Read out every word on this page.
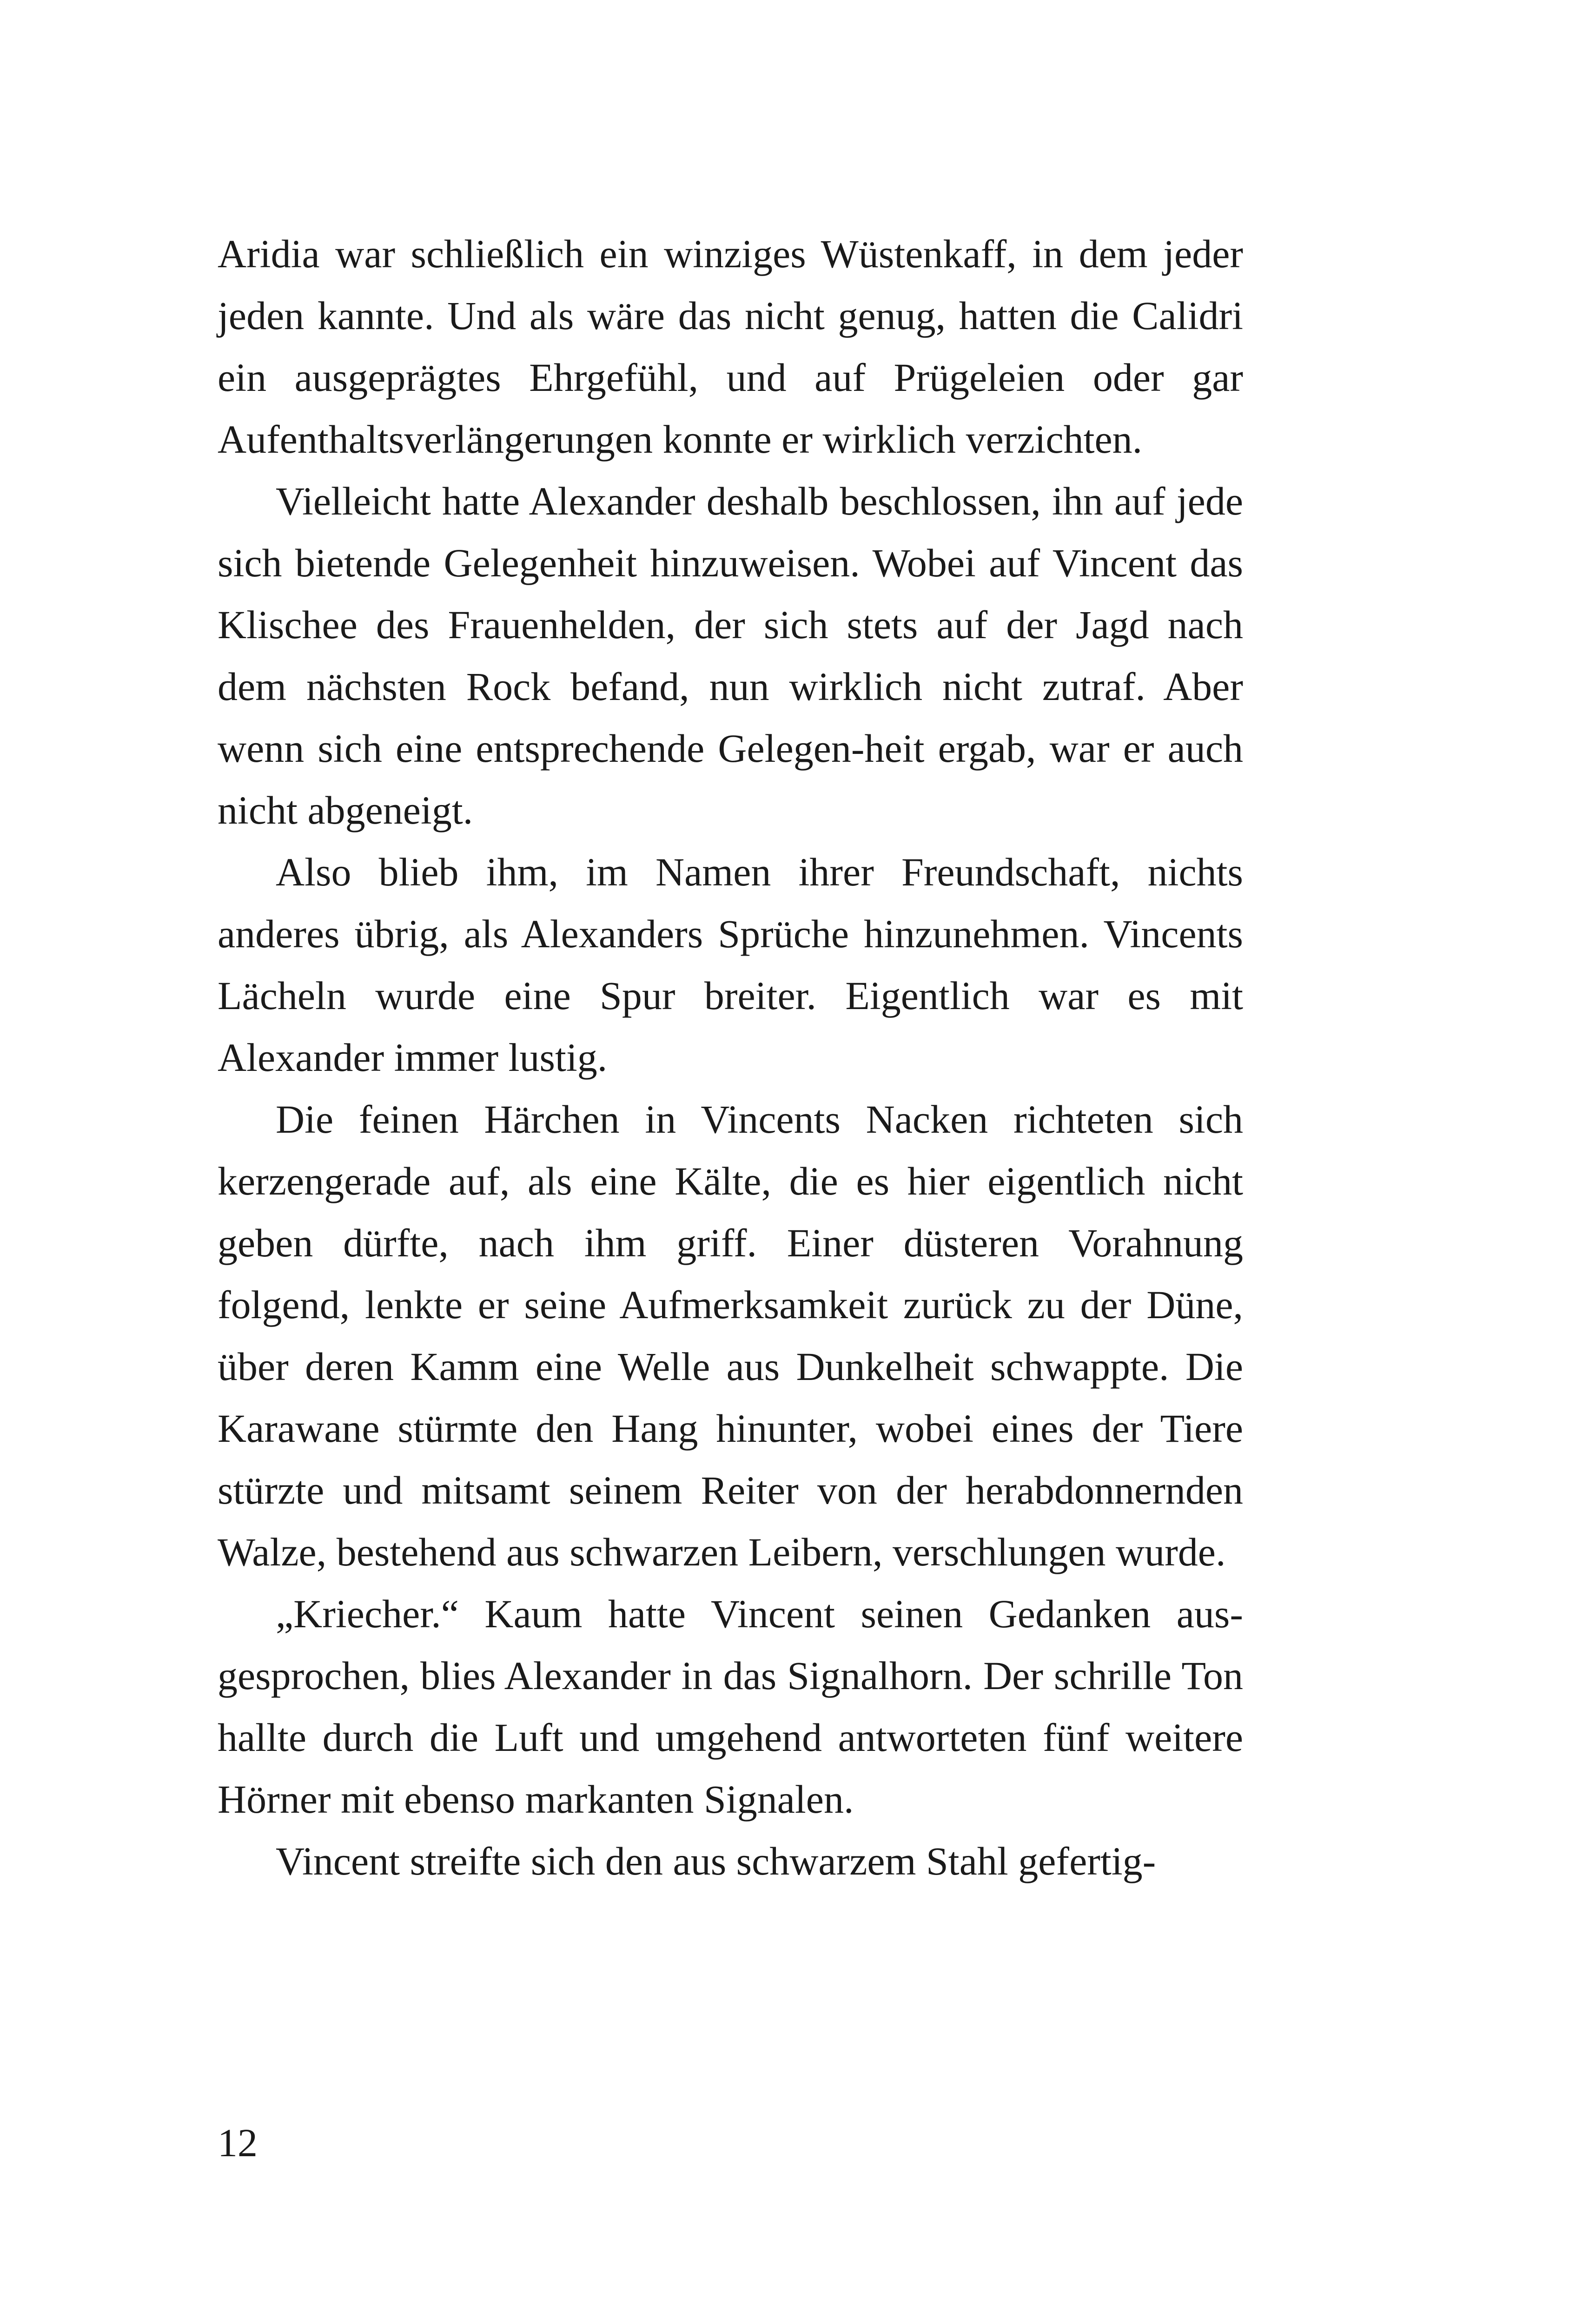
Aridia war schließlich ein winziges Wüstenkaff, in dem jeder jeden kannte. Und als wäre das nicht genug, hatten die Calidri ein ausgeprägtes Ehrgefühl, und auf Prügeleien oder gar Aufenthaltsverlängerungen konnte er wirklich verzichten.

Vielleicht hatte Alexander deshalb beschlossen, ihn auf jede sich bietende Gelegenheit hinzuweisen. Wobei auf Vincent das Klischee des Frauenhelden, der sich stets auf der Jagd nach dem nächsten Rock befand, nun wirklich nicht zutraf. Aber wenn sich eine entsprechende Gelegen-heit ergab, war er auch nicht abgeneigt.

Also blieb ihm, im Namen ihrer Freundschaft, nichts anderes übrig, als Alexanders Sprüche hinzunehmen. Vincents Lächeln wurde eine Spur breiter. Eigentlich war es mit Alexander immer lustig.

Die feinen Härchen in Vincents Nacken richteten sich kerzengerade auf, als eine Kälte, die es hier eigentlich nicht geben dürfte, nach ihm griff. Einer düsteren Vorahnung folgend, lenkte er seine Aufmerksamkeit zurück zu der Düne, über deren Kamm eine Welle aus Dunkelheit schwappte. Die Karawane stürmte den Hang hinunter, wobei eines der Tiere stürzte und mitsamt seinem Reiter von der herabdonnernden Walze, bestehend aus schwarzen Leibern, verschlungen wurde.

„Kriecher.“ Kaum hatte Vincent seinen Gedanken aus-gesprochen, blies Alexander in das Signalhorn. Der schrille Ton hallte durch die Luft und umgehend antworteten fünf weitere Hörner mit ebenso markanten Signalen.

Vincent streifte sich den aus schwarzem Stahl gefertig-

12
